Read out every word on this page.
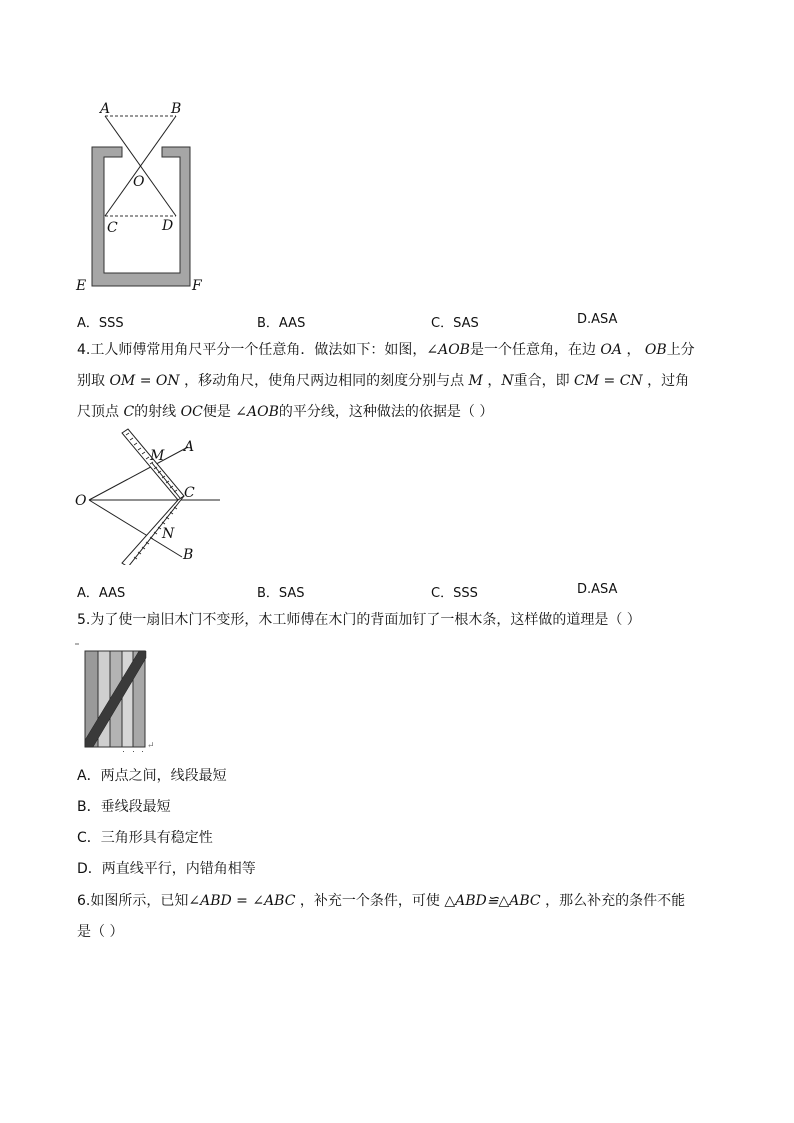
A	B
O
C	D
E	F
A．SSS	B．AAS	C．SAS	D.ASA
4.工人师傅常用角尺平分一个任意角．做法如下：如图，∠AOB是一个任意角，在边 OA ， OB上分
别取 OM = ON ，移动角尺，使角尺两边相同的刻度分别与点 M ，N重合，即 CM = CN ，过角
尺顶点 C的射线 OC便是 ∠AOB的平分线，这种做法的依据是（ ）
O
A
M
C
N
B
A．AAS	B．SAS	C．SSS	D.ASA
5.为了使一扇旧木门不变形，木工师傅在木门的背面加钉了一根木条，这样做的道理是（ ）
↵
A．两点之间，线段最短
B．垂线段最短
C．三角形具有稳定性
D．两直线平行，内错角相等
6.如图所示，已知∠ABD = ∠ABC ，补充一个条件，可使 △ABD≌△ABC ，那么补充的条件不能
是（ ）
